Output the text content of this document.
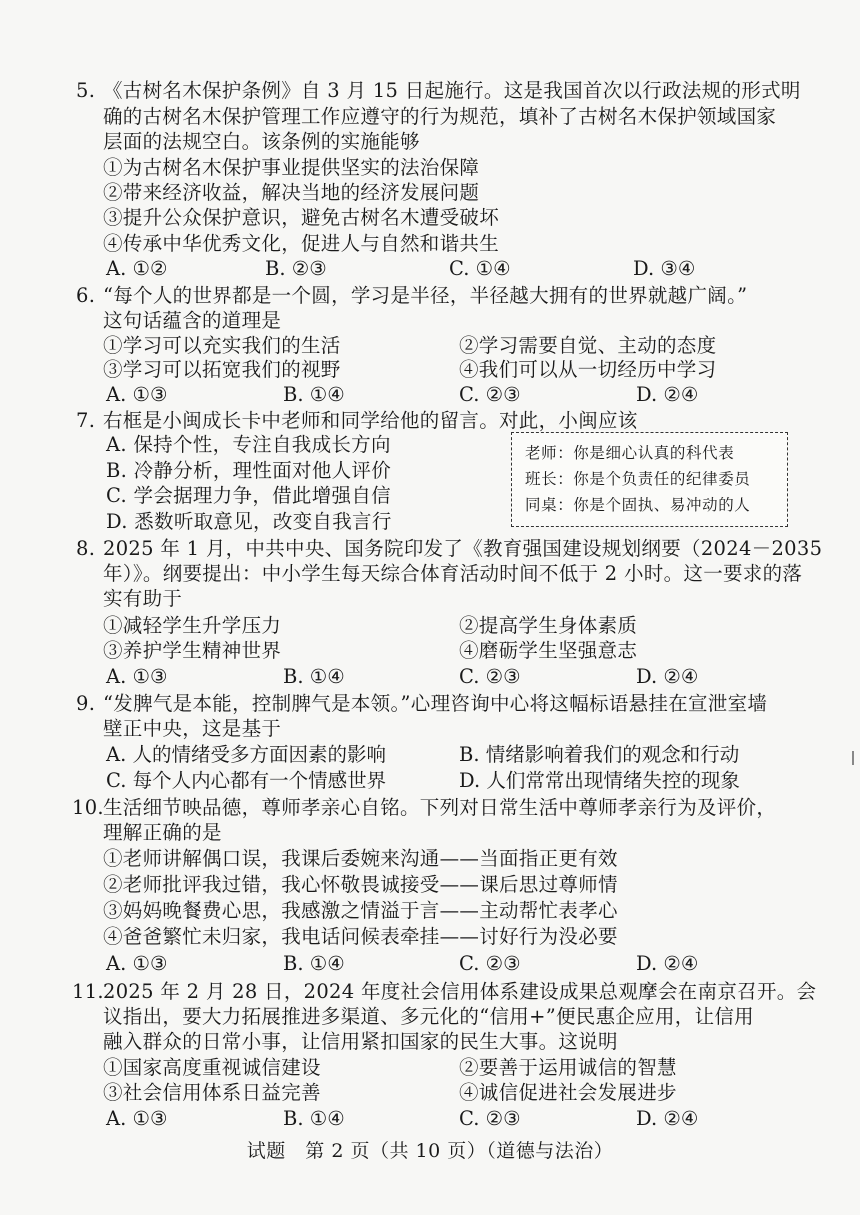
5. 《古树名木保护条例》自 3 月 15 日起施行。这是我国首次以行政法规的形式明
确的古树名木保护管理工作应遵守的行为规范，填补了古树名木保护领域国家
层面的法规空白。该条例的实施能够
①为古树名木保护事业提供坚实的法治保障
②带来经济收益，解决当地的经济发展问题
③提升公众保护意识，避免古树名木遭受破坏
④传承中华优秀文化，促进人与自然和谐共生
A. ①②	B. ②③	C. ①④	D. ③④
6. “每个人的世界都是一个圆，学习是半径，半径越大拥有的世界就越广阔。”
这句话蕴含的道理是
①学习可以充实我们的生活	②学习需要自觉、主动的态度
③学习可以拓宽我们的视野	④我们可以从一切经历中学习
A. ①③	B. ①④	C. ②③	D. ②④
7. 右框是小闽成长卡中老师和同学给他的留言。对此，小闽应该
A. 保持个性，专注自我成长方向
B. 冷静分析，理性面对他人评价
C. 学会据理力争，借此增强自信
D. 悉数听取意见，改变自我言行
老师：你是细心认真的科代表
班长：你是个负责任的纪律委员
同桌：你是个固执、易冲动的人
8. 2025 年 1 月，中共中央、国务院印发了《教育强国建设规划纲要（2024－2035
年）》。纲要提出：中小学生每天综合体育活动时间不低于 2 小时。这一要求的落
实有助于
①减轻学生升学压力	②提高学生身体素质
③养护学生精神世界	④磨砺学生坚强意志
A. ①③	B. ①④	C. ②③	D. ②④
9. “发脾气是本能，控制脾气是本领。”心理咨询中心将这幅标语悬挂在宣泄室墙
壁正中央，这是基于
A. 人的情绪受多方面因素的影响	B. 情绪影响着我们的观念和行动
C. 每个人内心都有一个情感世界	D. 人们常常出现情绪失控的现象
10. 生活细节映品德，尊师孝亲心自铭。下列对日常生活中尊师孝亲行为及评价，
理解正确的是
①老师讲解偶口误，我课后委婉来沟通——当面指正更有效
②老师批评我过错，我心怀敬畏诚接受——课后思过尊师情
③妈妈晚餐费心思，我感激之情溢于言——主动帮忙表孝心
④爸爸繁忙未归家，我电话问候表牵挂——讨好行为没必要
A. ①③	B. ①④	C. ②③	D. ②④
11. 2025 年 2 月 28 日，2024 年度社会信用体系建设成果总观摩会在南京召开。会
议指出，要大力拓展推进多渠道、多元化的“信用+”便民惠企应用，让信用
融入群众的日常小事，让信用紧扣国家的民生大事。这说明
①国家高度重视诚信建设	②要善于运用诚信的智慧
③社会信用体系日益完善	④诚信促进社会发展进步
A. ①③	B. ①④	C. ②③	D. ②④
试题　第 2 页（共 10 页）（道德与法治）
